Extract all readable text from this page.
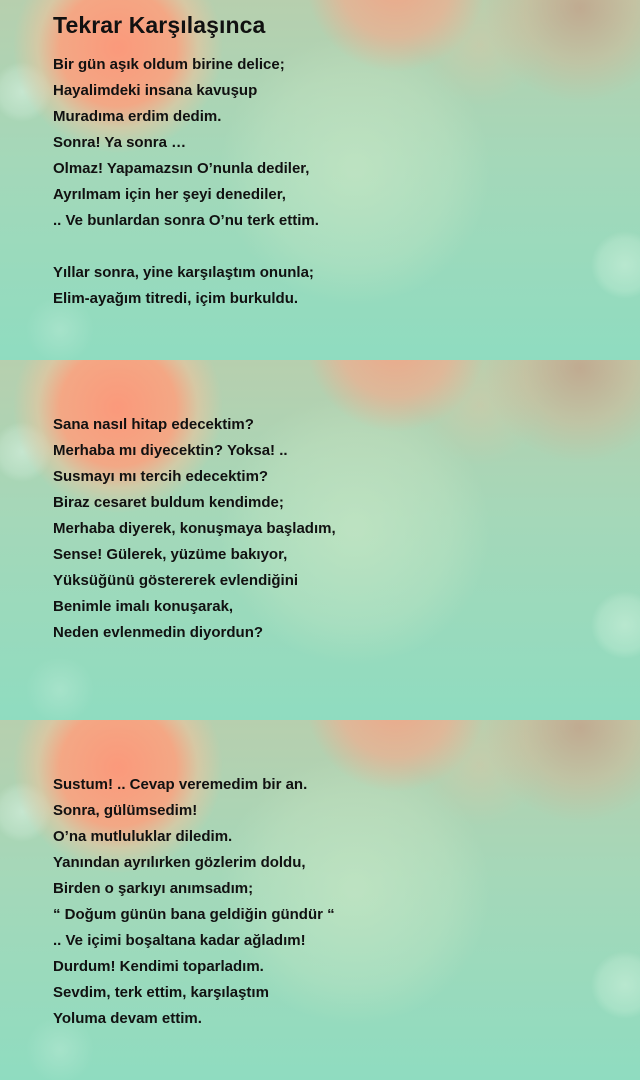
Tekrar Karşılaşınca
Bir gün aşık oldum birine delice;
Hayalimdeki insana kavuşup
Muradıma erdim dedim.
Sonra! Ya sonra …
Olmaz! Yapamazsın O’nunla dediler,
Ayrılmam için her şeyi denediler,
.. Ve bunlardan sonra O’nu terk ettim.
Yıllar sonra, yine karşılaştım onunla;
Elim-ayağım titredi, içim burkuldu.
Sana nasıl hitap edecektim?
Merhaba mı diyecektin? Yoksa! ..
Susmayı mı tercih edecektim?
Biraz cesaret buldum kendimde;
Merhaba diyerek, konuşmaya başladım,
Sense! Gülerek, yüzüme bakıyor,
Yüksüğünü göstererek evlendiğini
Benimle imalı konuşarak,
Neden evlenmedin diyordun?
Sustum! .. Cevap veremedim bir an.
Sonra, gülümsedim!
O’na mutluluklar diledim.
Yanından ayrılırken gözlerim doldu,
Birden o şarkıyı anımsadım;
“ Doğum günün bana geldiğin gündür “
.. Ve içimi boşaltana kadar ağladım!
Durdum! Kendimi toparladım.
Sevdim, terk ettim, karşılaştım
Yoluma devam ettim.
